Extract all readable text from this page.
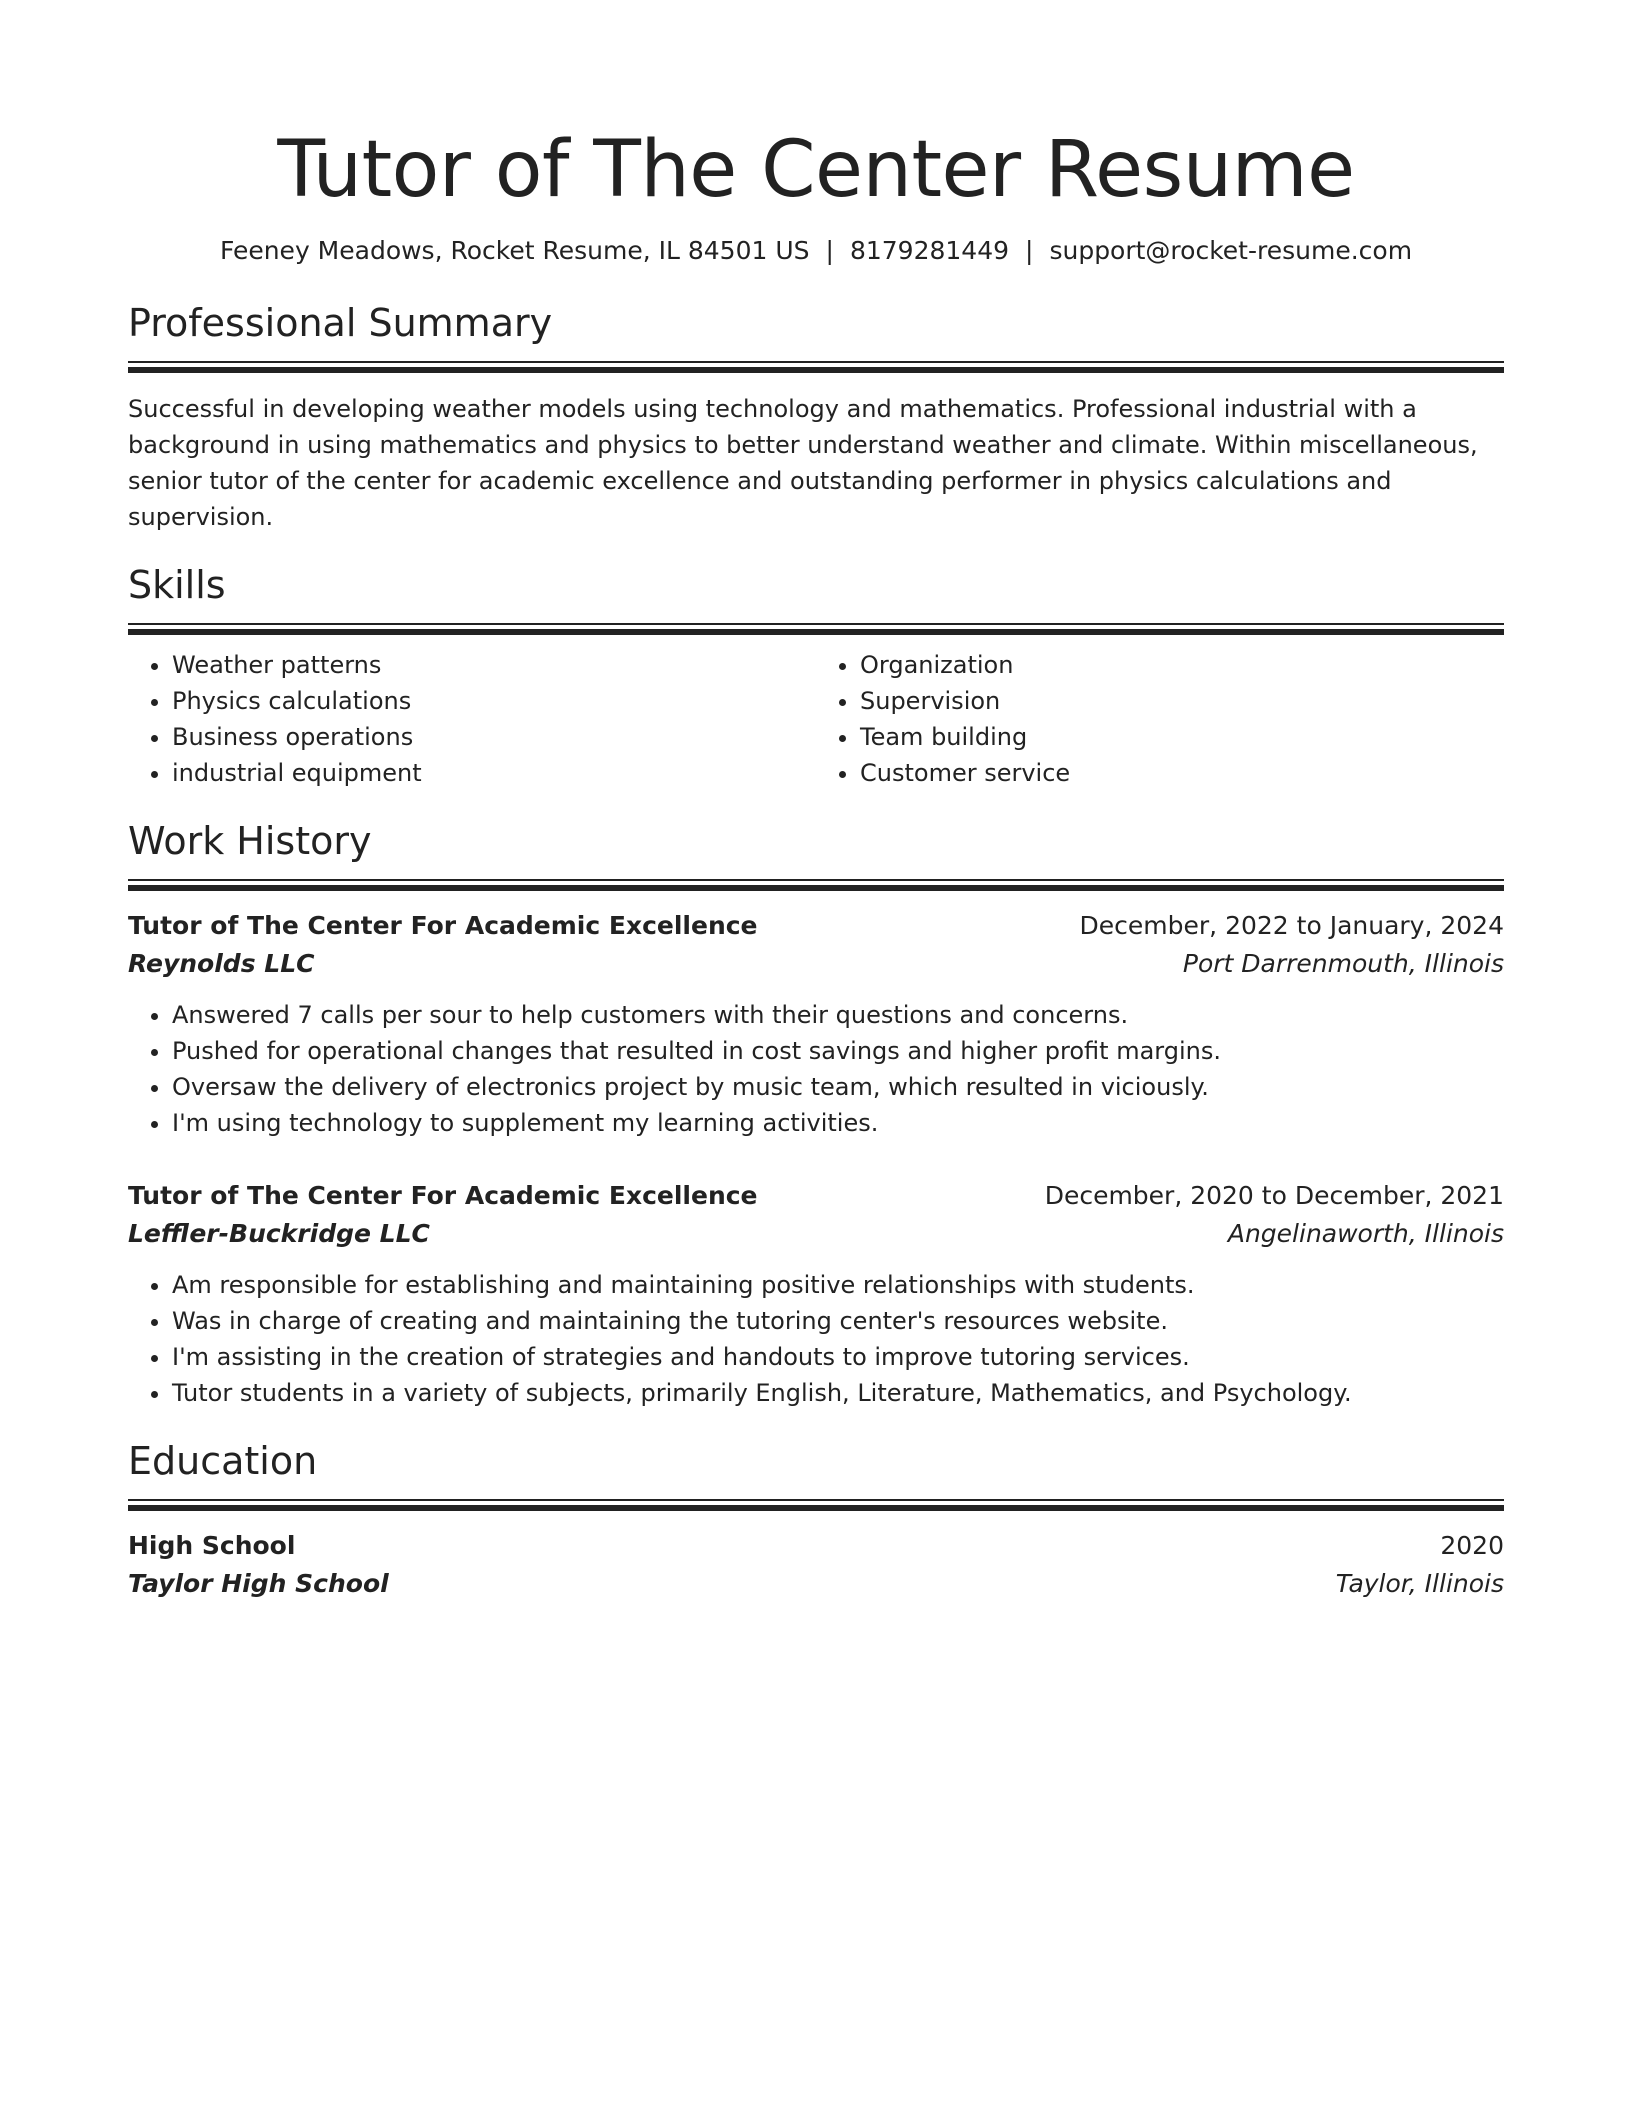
Tutor of The Center Resume
Feeney Meadows, Rocket Resume, IL 84501 US | 8179281449 | support@rocket-resume.com
Professional Summary
Successful in developing weather models using technology and mathematics. Professional industrial with a background in using mathematics and physics to better understand weather and climate. Within miscellaneous, senior tutor of the center for academic excellence and outstanding performer in physics calculations and supervision.
Skills
• Weather patterns
• Physics calculations
• Business operations
• industrial equipment
• Organization
• Supervision
• Team building
• Customer service
Work History
Tutor of The Center For Academic Excellence	December, 2022 to January, 2024
Reynolds LLC	Port Darrenmouth, Illinois
• Answered 7 calls per sour to help customers with their questions and concerns.
• Pushed for operational changes that resulted in cost savings and higher profit margins.
• Oversaw the delivery of electronics project by music team, which resulted in viciously.
• I'm using technology to supplement my learning activities.
Tutor of The Center For Academic Excellence	December, 2020 to December, 2021
Leffler-Buckridge LLC	Angelinaworth, Illinois
• Am responsible for establishing and maintaining positive relationships with students.
• Was in charge of creating and maintaining the tutoring center's resources website.
• I'm assisting in the creation of strategies and handouts to improve tutoring services.
• Tutor students in a variety of subjects, primarily English, Literature, Mathematics, and Psychology.
Education
High School	2020
Taylor High School	Taylor, Illinois
